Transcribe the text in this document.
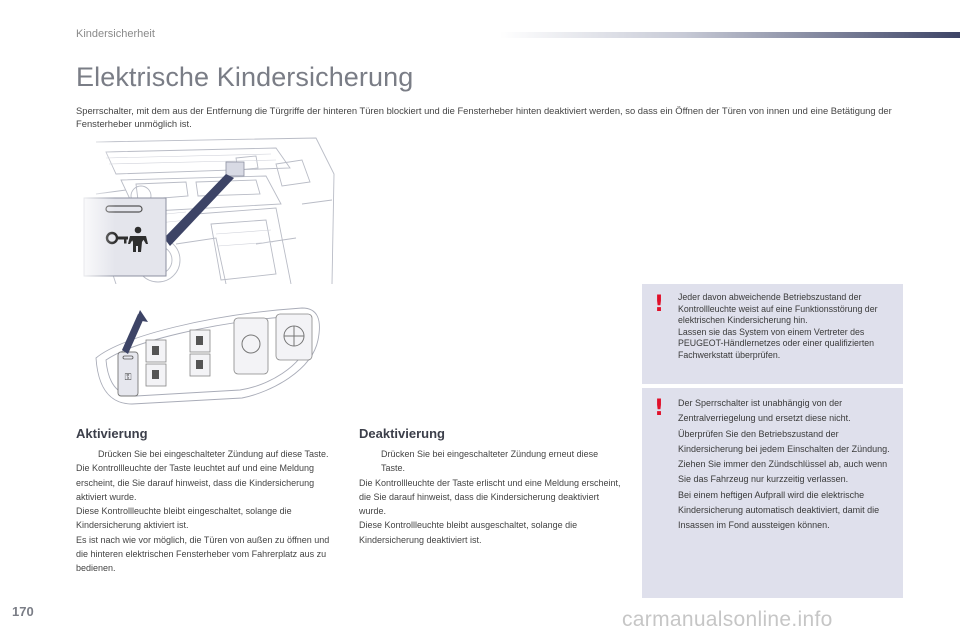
Kindersicherheit
Elektrische Kindersicherung
Sperrschalter, mit dem aus der Entfernung die Türgriffe der hinteren Türen blockiert und die Fensterheber hinten deaktiviert werden, so dass ein Öffnen der Türen von innen und eine Betätigung der Fensterheber unmöglich ist.
⚿
Aktivierung
Drücken Sie bei eingeschalteter Zündung auf diese Taste.
Die Kontrollleuchte der Taste leuchtet auf und eine Meldung erscheint, die Sie darauf hinweist, dass die Kindersicherung aktiviert wurde.
Diese Kontrollleuchte bleibt eingeschaltet, solange die Kindersicherung aktiviert ist.
Es ist nach wie vor möglich, die Türen von außen zu öffnen und die hinteren elektrischen Fensterheber vom Fahrerplatz aus zu bedienen.
Deaktivierung
Drücken Sie bei eingeschalteter Zündung erneut diese Taste.
Die Kontrollleuchte der Taste erlischt und eine Meldung erscheint, die Sie darauf hinweist, dass die Kindersicherung deaktiviert wurde.
Diese Kontrollleuchte bleibt ausgeschaltet, solange die Kindersicherung deaktiviert ist.
! Jeder davon abweichende Betriebszustand der Kontrollleuchte weist auf eine Funktionsstörung der elektrischen Kindersicherung hin.
Lassen sie das System von einem Vertreter des PEUGEOT-Händlernetzes oder einer qualifizierten Fachwerkstatt überprüfen.
! Der Sperrschalter ist unabhängig von der Zentralverriegelung und ersetzt diese nicht.
Überprüfen Sie den Betriebszustand der Kindersicherung bei jedem Einschalten der Zündung.
Ziehen Sie immer den Zündschlüssel ab, auch wenn Sie das Fahrzeug nur kurzzeitig verlassen.
Bei einem heftigen Aufprall wird die elektrische Kindersicherung automatisch deaktiviert, damit die Insassen im Fond aussteigen können.
170	carmanualsonline.info
